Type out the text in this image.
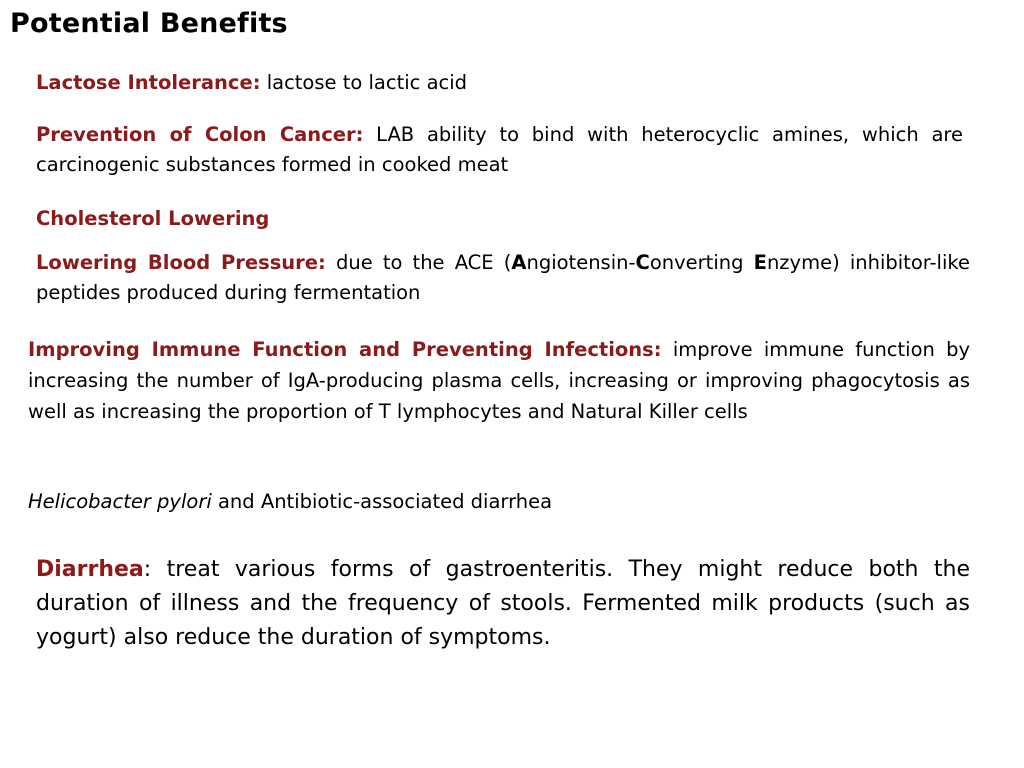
Potential Benefits
Lactose Intolerance: lactose to lactic acid
Prevention of Colon Cancer: LAB ability to bind with heterocyclic amines, which are carcinogenic substances formed in cooked meat
Cholesterol Lowering
Lowering Blood Pressure: due to the ACE (Angiotensin-Converting Enzyme) inhibitor-like peptides produced during fermentation
Improving Immune Function and Preventing Infections: improve immune function by increasing the number of IgA-producing plasma cells, increasing or improving phagocytosis as well as increasing the proportion of T lymphocytes and Natural Killer cells
Helicobacter pylori and Antibiotic-associated diarrhea
Diarrhea: treat various forms of gastroenteritis. They might reduce both the duration of illness and the frequency of stools. Fermented milk products (such as yogurt) also reduce the duration of symptoms.
